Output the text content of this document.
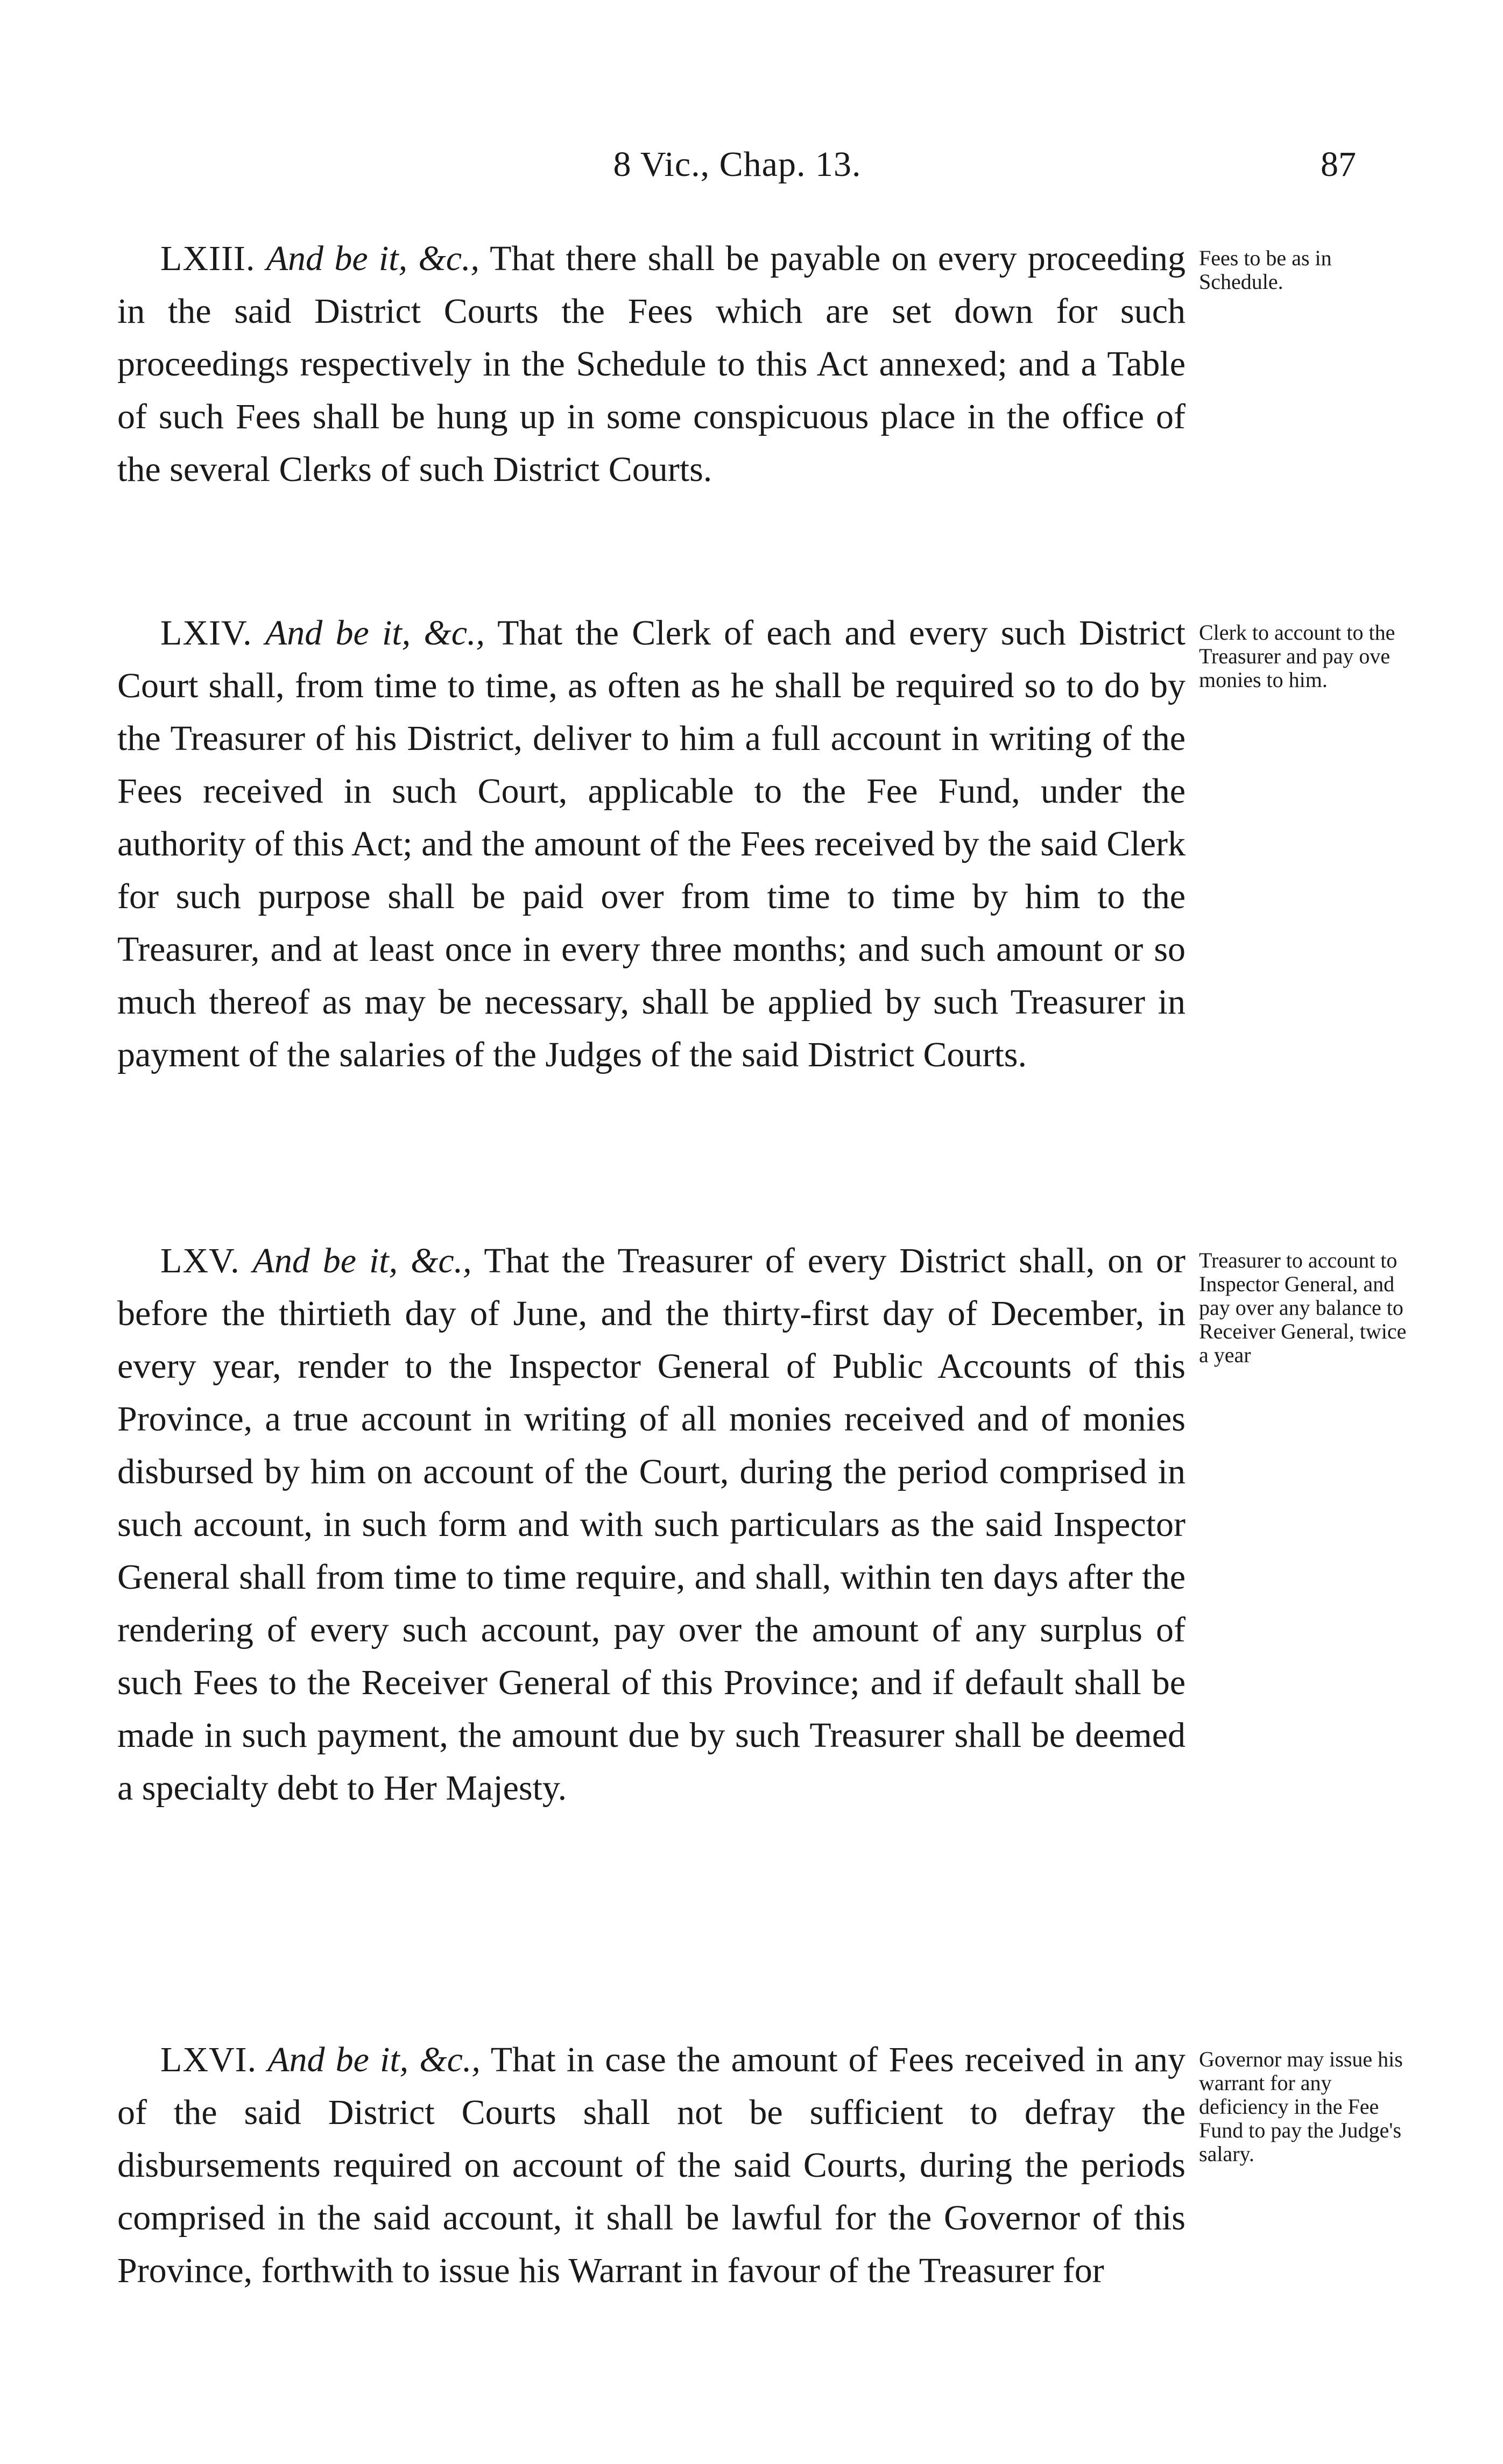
8 Vic., Chap. 13.	87

LXIII. And be it, &c., That there shall be payable on every proceeding in the said District Courts the Fees which are set down for such proceedings respectively in the Schedule to this Act annexed; and a Table of such Fees shall be hung up in some conspicuous place in the office of the several Clerks of such District Courts.

Fees to be as in Schedule.

LXIV. And be it, &c., That the Clerk of each and every such District Court shall, from time to time, as often as he shall be required so to do by the Treasurer of his District, deliver to him a full account in writing of the Fees received in such Court, applicable to the Fee Fund, under the authority of this Act; and the amount of the Fees received by the said Clerk for such purpose shall be paid over from time to time by him to the Treasurer, and at least once in every three months; and such amount or so much thereof as may be necessary, shall be applied by such Treasurer in payment of the salaries of the Judges of the said District Courts.

Clerk to account to the Treasurer and pay ove monies to him.

LXV. And be it, &c., That the Treasurer of every District shall, on or before the thirtieth day of June, and the thirty-first day of December, in every year, render to the Inspector General of Public Accounts of this Province, a true account in writing of all monies received and of monies disbursed by him on account of the Court, during the period comprised in such account, in such form and with such particulars as the said Inspector General shall from time to time require, and shall, within ten days after the rendering of every such account, pay over the amount of any surplus of such Fees to the Receiver General of this Province; and if default shall be made in such payment, the amount due by such Treasurer shall be deemed a specialty debt to Her Majesty.

Treasurer to account to Inspector General, and pay over any balance to Receiver General, twice a year

LXVI. And be it, &c., That in case the amount of Fees received in any of the said District Courts shall not be sufficient to defray the disbursements required on account of the said Courts, during the periods comprised in the said account, it shall be lawful for the Governor of this Province, forthwith to issue his Warrant in favour of the Treasurer for

Governor may issue his warrant for any deficiency in the Fee Fund to pay the Judge's salary.
